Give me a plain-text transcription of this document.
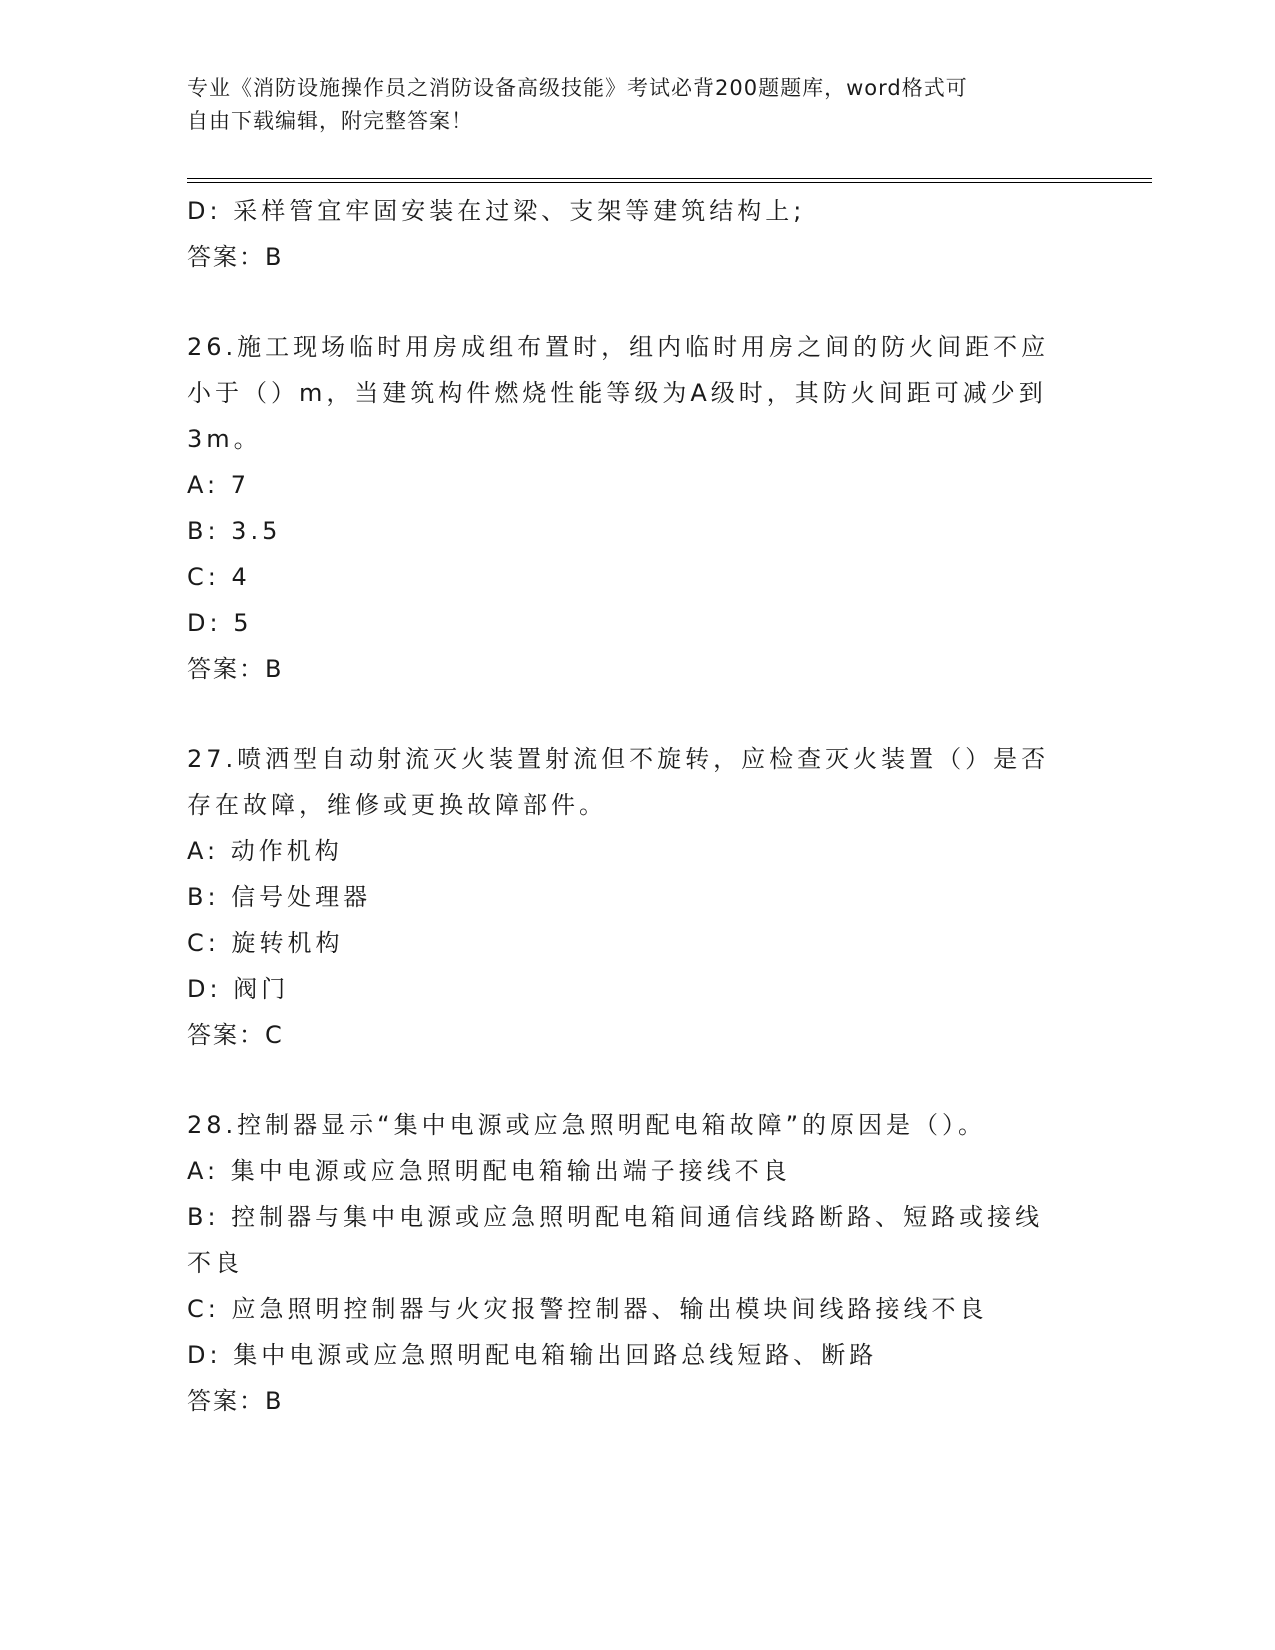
专业《消防设施操作员之消防设备高级技能》考试必背200题题库，word格式可
自由下载编辑，附完整答案！
D: 采样管宜牢固安装在过梁、支架等建筑结构上;
答案：B
26.施工现场临时用房成组布置时，组内临时用房之间的防火间距不应
小于（）m，当建筑构件燃烧性能等级为A级时，其防火间距可减少到
3m。
A: 7
B: 3.5
C: 4
D: 5
答案：B
27.喷洒型自动射流灭火装置射流但不旋转，应检查灭火装置（）是否
存在故障，维修或更换故障部件。
A: 动作机构
B: 信号处理器
C: 旋转机构
D: 阀门
答案：C
28.控制器显示“集中电源或应急照明配电箱故障”的原因是（）。
A: 集中电源或应急照明配电箱输出端子接线不良
B: 控制器与集中电源或应急照明配电箱间通信线路断路、短路或接线
不良
C: 应急照明控制器与火灾报警控制器、输出模块间线路接线不良
D: 集中电源或应急照明配电箱输出回路总线短路、断路
答案：B
